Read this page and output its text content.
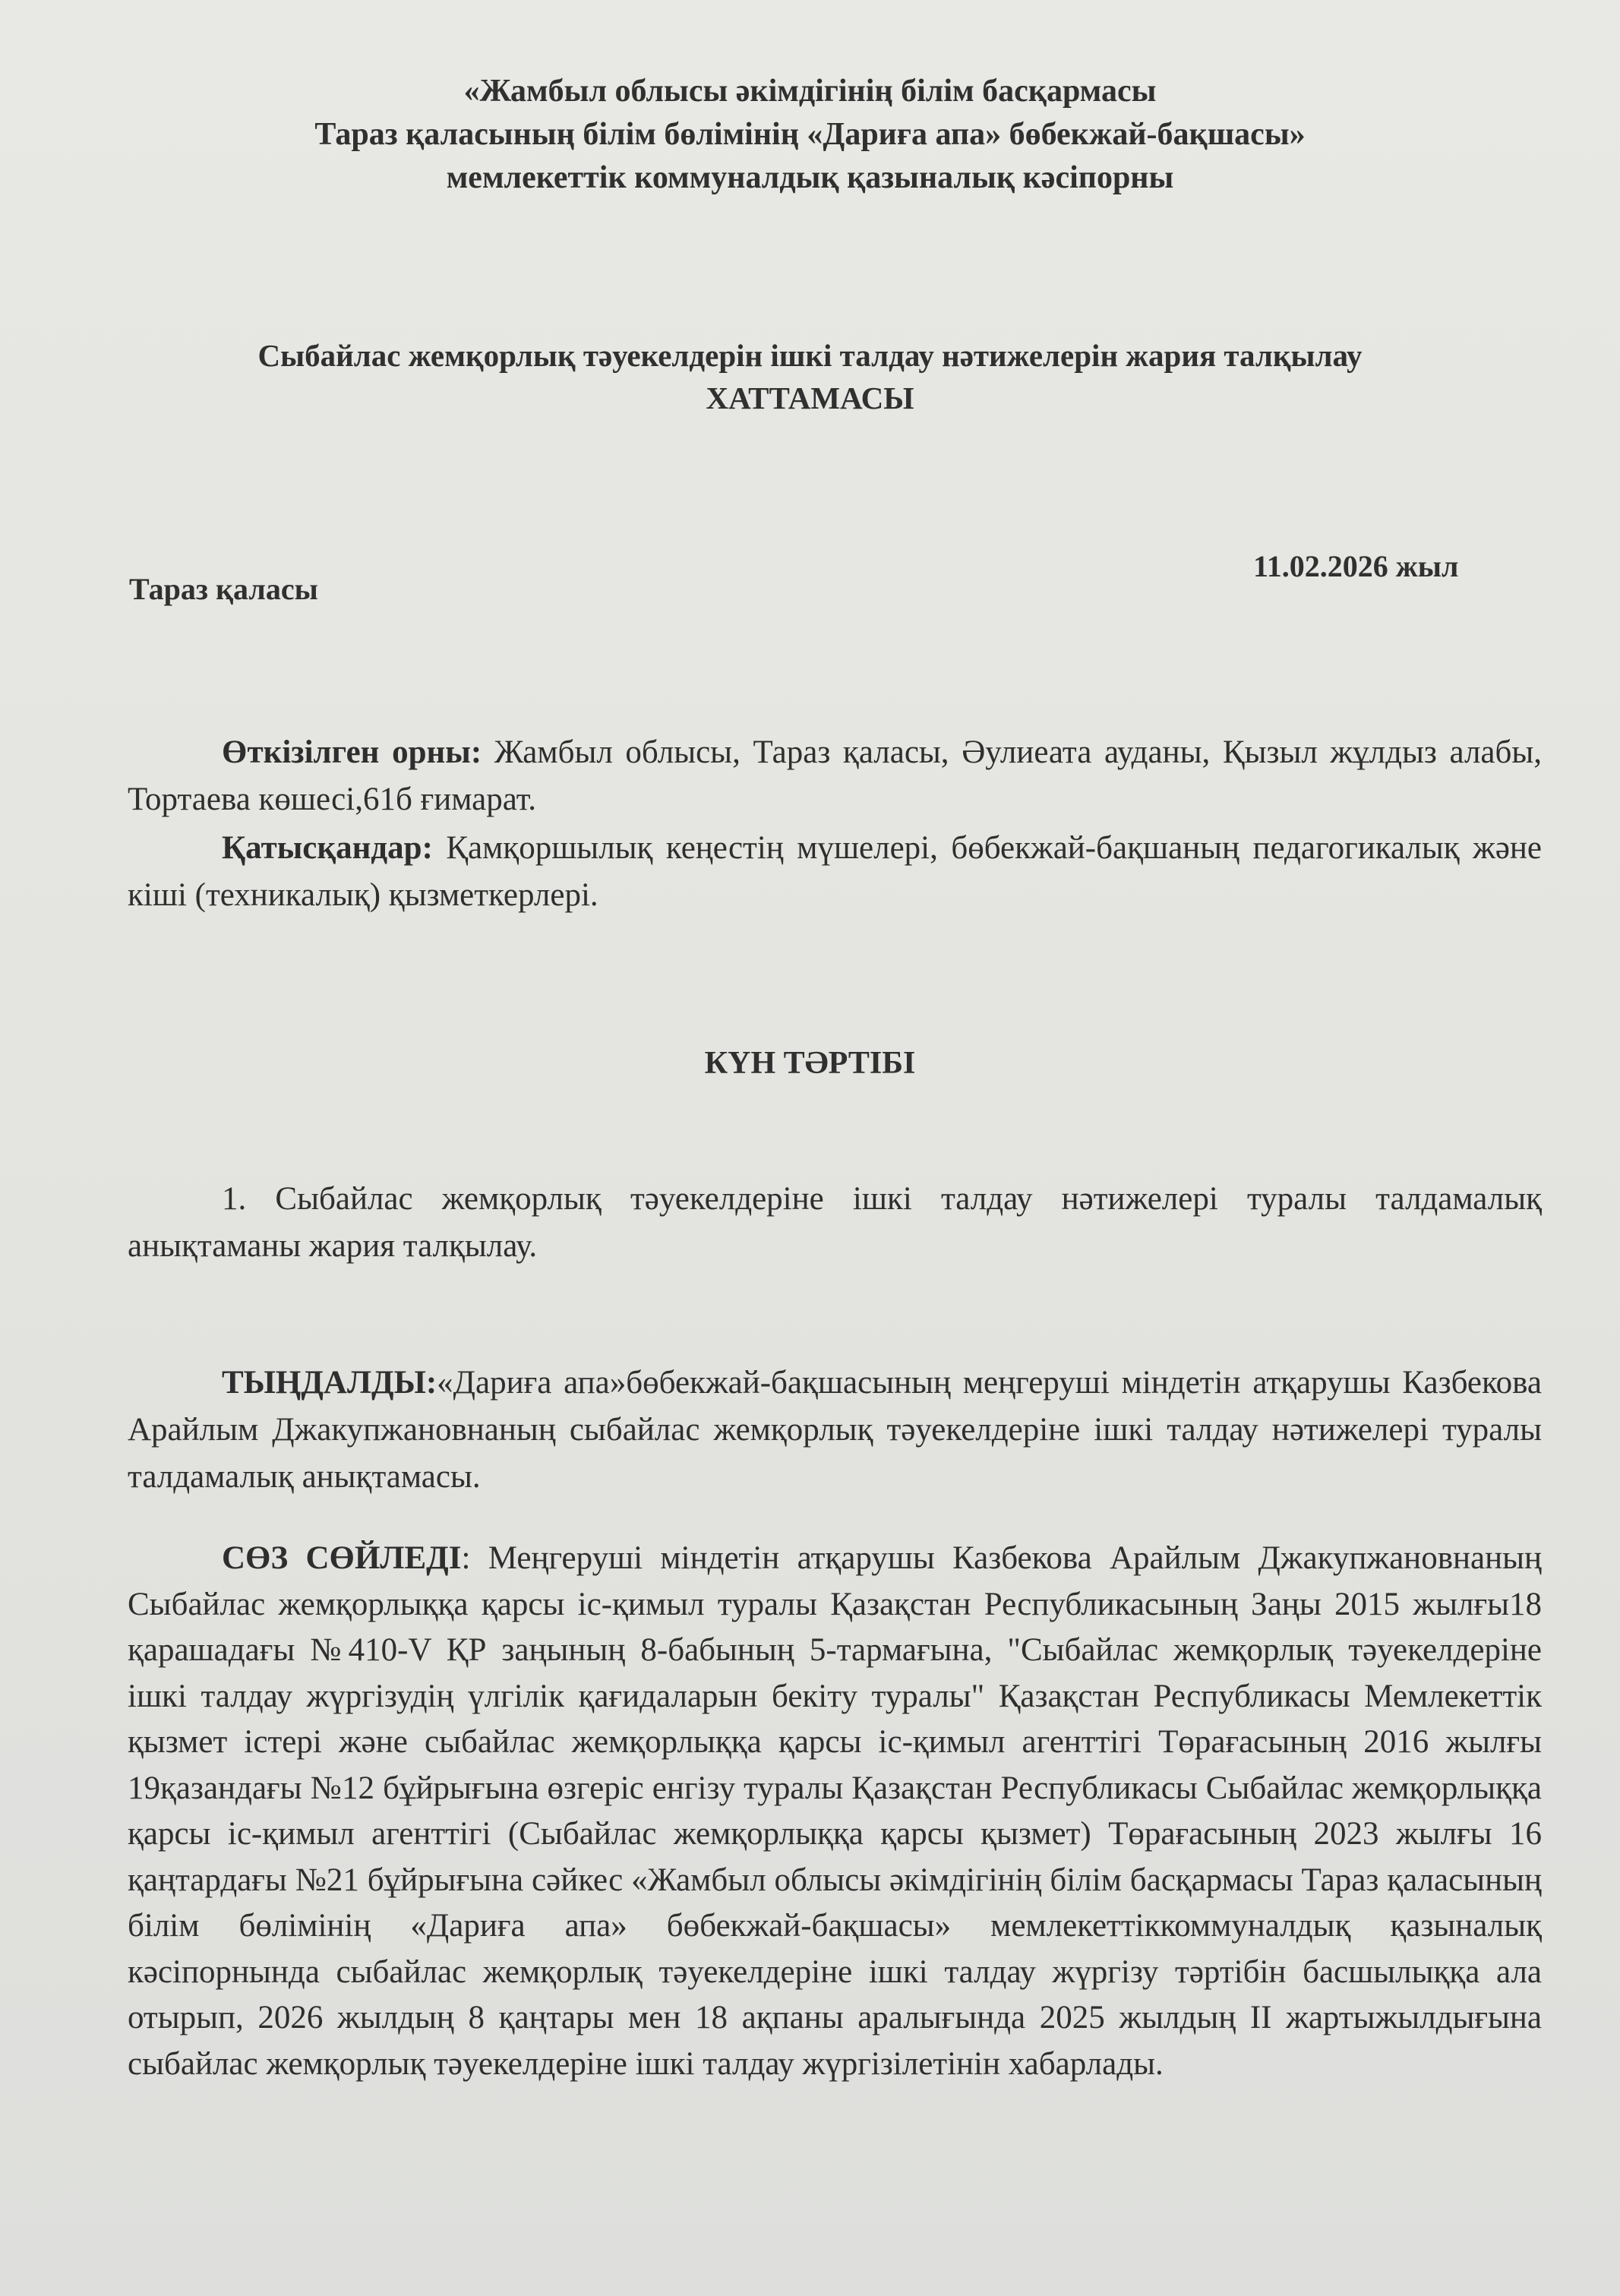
«Жамбыл облысы әкімдігінің білім басқармасы
Тараз қаласының білім бөлімінің «Дариға апа» бөбекжай-бақшасы»
мемлекеттік коммуналдық қазыналық кәсіпорны
Сыбайлас жемқорлық тәуекелдерін ішкі талдау нәтижелерін жария талқылау
ХАТТАМАСЫ
Тараз қаласы
11.02.2026 жыл
Өткізілген орны: Жамбыл облысы, Тараз қаласы, Әулиеата ауданы, Қызыл жұлдыз алабы, Тортаева көшесі,61б ғимарат.
Қатысқандар: Қамқоршылық кеңестің мүшелері, бөбекжай-бақшаның педагогикалық және кіші (техникалық) қызметкерлері.
КҮН ТӘРТІБІ
1. Сыбайлас жемқорлық тәуекелдеріне ішкі талдау нәтижелері туралы талдамалық анықтаманы жария талқылау.
ТЫҢДАЛДЫ:«Дариға апа»бөбекжай-бақшасының меңгеруші міндетін атқарушы Казбекова Арайлым Джакупжановнаның сыбайлас жемқорлық тәуекелдеріне ішкі талдау нәтижелері туралы талдамалық анықтамасы.
СӨЗ СӨЙЛЕДІ: Меңгеруші міндетін атқарушы Казбекова Арайлым Джакупжановнаның Сыбайлас жемқорлыққа қарсы іс-қимыл туралы Қазақстан Республикасының Заңы 2015 жылғы18 қарашадағы №410-V ҚР заңының 8-бабының 5-тармағына, "Сыбайлас жемқорлық тәуекелдеріне ішкі талдау жүргізудің үлгілік қағидаларын бекіту туралы" Қазақстан Республикасы Мемлекеттік қызмет істері және сыбайлас жемқорлыққа қарсы іс-қимыл агенттігі Төрағасының 2016 жылғы 19қазандағы №12 бұйрығына өзгеріс енгізу туралы Қазақстан Республикасы Сыбайлас жемқорлыққа қарсы іс-қимыл агенттігі (Сыбайлас жемқорлыққа қарсы қызмет) Төрағасының 2023 жылғы 16 қаңтардағы №21 бұйрығына сәйкес «Жамбыл облысы әкімдігінің білім басқармасы Тараз қаласының білім бөлімінің «Дариға апа» бөбекжай-бақшасы» мемлекеттіккоммуналдық қазыналық кәсіпорнында сыбайлас жемқорлық тәуекелдеріне ішкі талдау жүргізу тәртібін басшылыққа ала отырып, 2026 жылдың 8 қаңтары мен 18 ақпаны аралығында 2025 жылдың II жартыжылдығына сыбайлас жемқорлық тәуекелдеріне ішкі талдау жүргізілетінін хабарлады.
